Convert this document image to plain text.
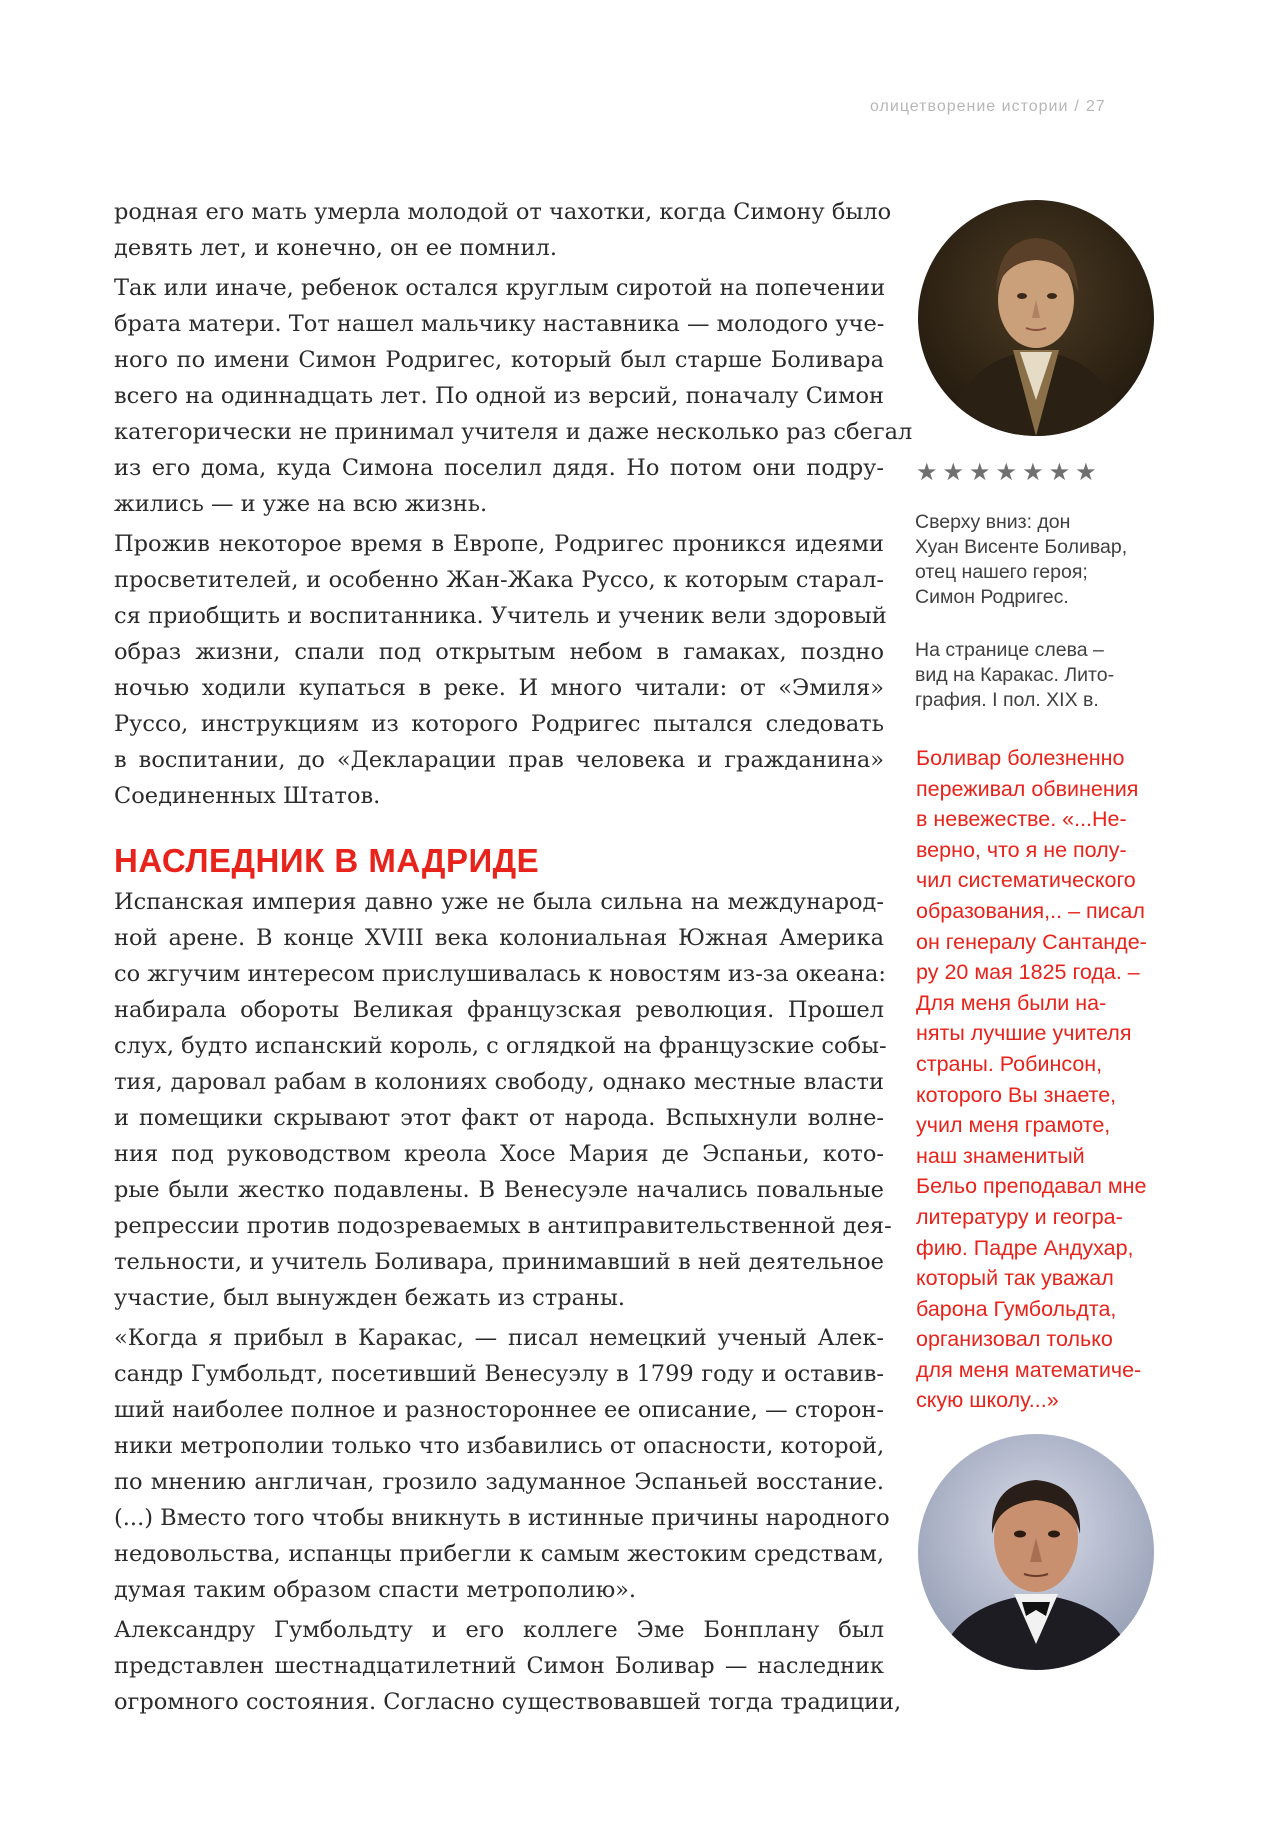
олицетворение истории / 27
родная его мать умерла молодой от чахотки, когда Симону было
девять лет, и конечно, он ее помнил.
Так или иначе, ребенок остался круглым сиротой на попечении
брата матери. Тот нашел мальчику наставника — молодого уче-
ного по имени Симон Родригес, который был старше Боливара
всего на одиннадцать лет. По одной из версий, поначалу Симон
категорически не принимал учителя и даже несколько раз сбегал
из его дома, куда Симона поселил дядя. Но потом они подру-
жились — и уже на всю жизнь.
Прожив некоторое время в Европе, Родригес проникся идеями
просветителей, и особенно Жан-Жака Руссо, к которым старал-
ся приобщить и воспитанника. Учитель и ученик вели здоровый
образ жизни, спали под открытым небом в гамаках, поздно
ночью ходили купаться в реке. И много читали: от «Эмиля»
Руссо, инструкциям из которого Родригес пытался следовать
в воспитании, до «Декларации прав человека и гражданина»
Соединенных Штатов.
НАСЛЕДНИК В МАДРИДЕ
Испанская империя давно уже не была сильна на международ-
ной арене. В конце XVIII века колониальная Южная Америка
со жгучим интересом прислушивалась к новостям из-за океана:
набирала обороты Великая французская революция. Прошел
слух, будто испанский король, с оглядкой на французские собы-
тия, даровал рабам в колониях свободу, однако местные власти
и помещики скрывают этот факт от народа. Вспыхнули волне-
ния под руководством креола Хосе Мария де Эспаньи, кото-
рые были жестко подавлены. В Венесуэле начались повальные
репрессии против подозреваемых в антиправительственной дея-
тельности, и учитель Боливара, принимавший в ней деятельное
участие, был вынужден бежать из страны.
«Когда я прибыл в Каракас, — писал немецкий ученый Алек-
сандр Гумбольдт, посетивший Венесуэлу в 1799 году и оставив-
ший наиболее полное и разностороннее ее описание, — сторон-
ники метрополии только что избавились от опасности, которой,
по мнению англичан, грозило задуманное Эспаньей восстание.
(...) Вместо того чтобы вникнуть в истинные причины народного
недовольства, испанцы прибегли к самым жестоким средствам,
думая таким образом спасти метрополию».
Александру Гумбольдту и его коллеге Эме Бонплану был
представлен шестнадцатилетний Симон Боливар — наследник
огромного состояния. Согласно существовавшей тогда традиции,
★★★★★★★
Сверху вниз: дон
Хуан Висенте Боливар,
отец нашего героя;
Симон Родригес.
На странице слева –
вид на Каракас. Лито-
графия. I пол. XIX в.
Боливар болезненно
переживал обвинения
в невежестве. «...Не-
верно, что я не полу-
чил систематического
образования,.. – писал
он генералу Сантанде-
ру 20 мая 1825 года. –
Для меня были на-
няты лучшие учителя
страны. Робинсон,
которого Вы знаете,
учил меня грамоте,
наш знаменитый
Бельо преподавал мне
литературу и геогра-
фию. Падре Андухар,
который так уважал
барона Гумбольдта,
организовал только
для меня математиче-
скую школу...»
